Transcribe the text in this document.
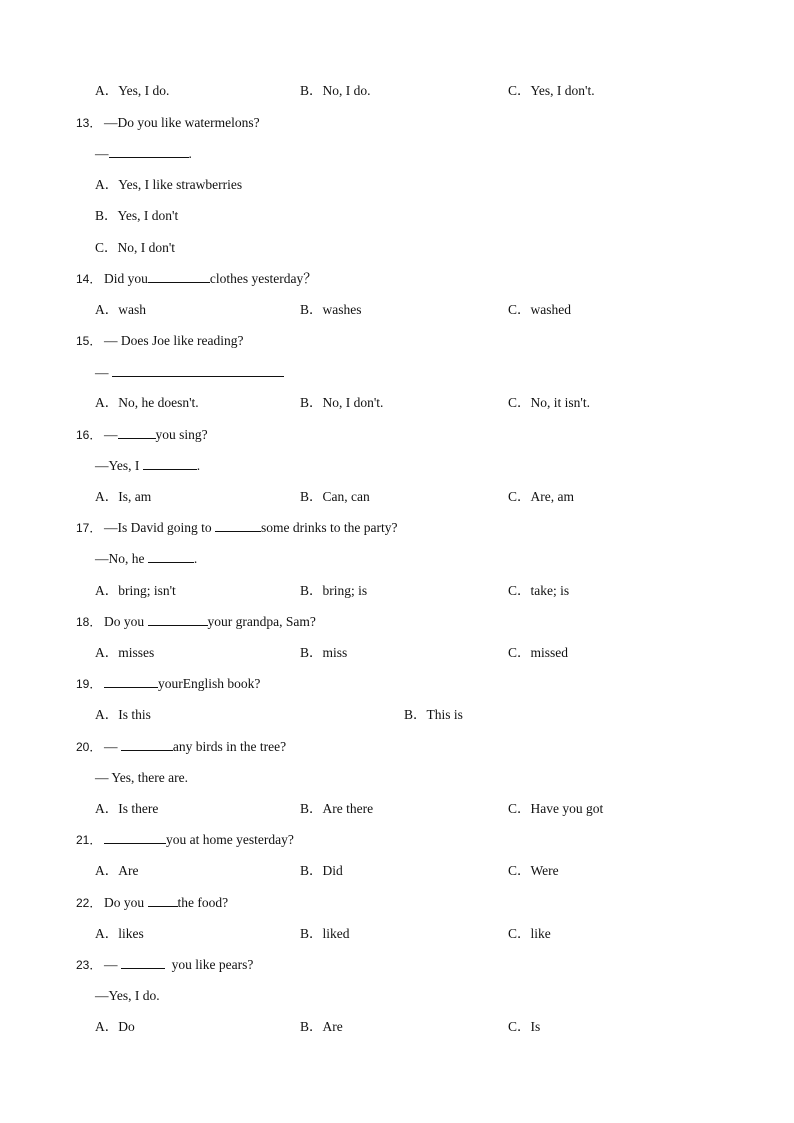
A．Yes, I do.	B．No, I do.	C．Yes, I don't.
13． —Do you like watermelons?
—	.
A．Yes, I like strawberries
B．Yes, I don't
C．No, I don't
14． Did you	clothes yesterday？
A．wash	B．washes	C．washed
15． — Does Joe like reading?
—
A．No, he doesn't.	B．No, I don't.	C．No, it isn't.
16． —	you sing?
—Yes, I	.
A．Is, am	B．Can, can	C．Are, am
17． —Is David going to	some drinks to the party?
—No, he	.
A．bring; isn't	B．bring; is	C．take; is
18． Do you	your grandpa, Sam?
A．misses	B．miss	C．missed
19．	yourEnglish book?
A．Is this	B．This is
20． —	any birds in the tree?
— Yes, there are.
A．Is there	B．Are there	C．Have you got
21．	you at home yesterday?
A．Are	B．Did	C．Were
22． Do you the food?
A．likes	B．liked	C．like
23． —	you like pears?
—Yes, I do.
A．Do	B．Are	C．Is
